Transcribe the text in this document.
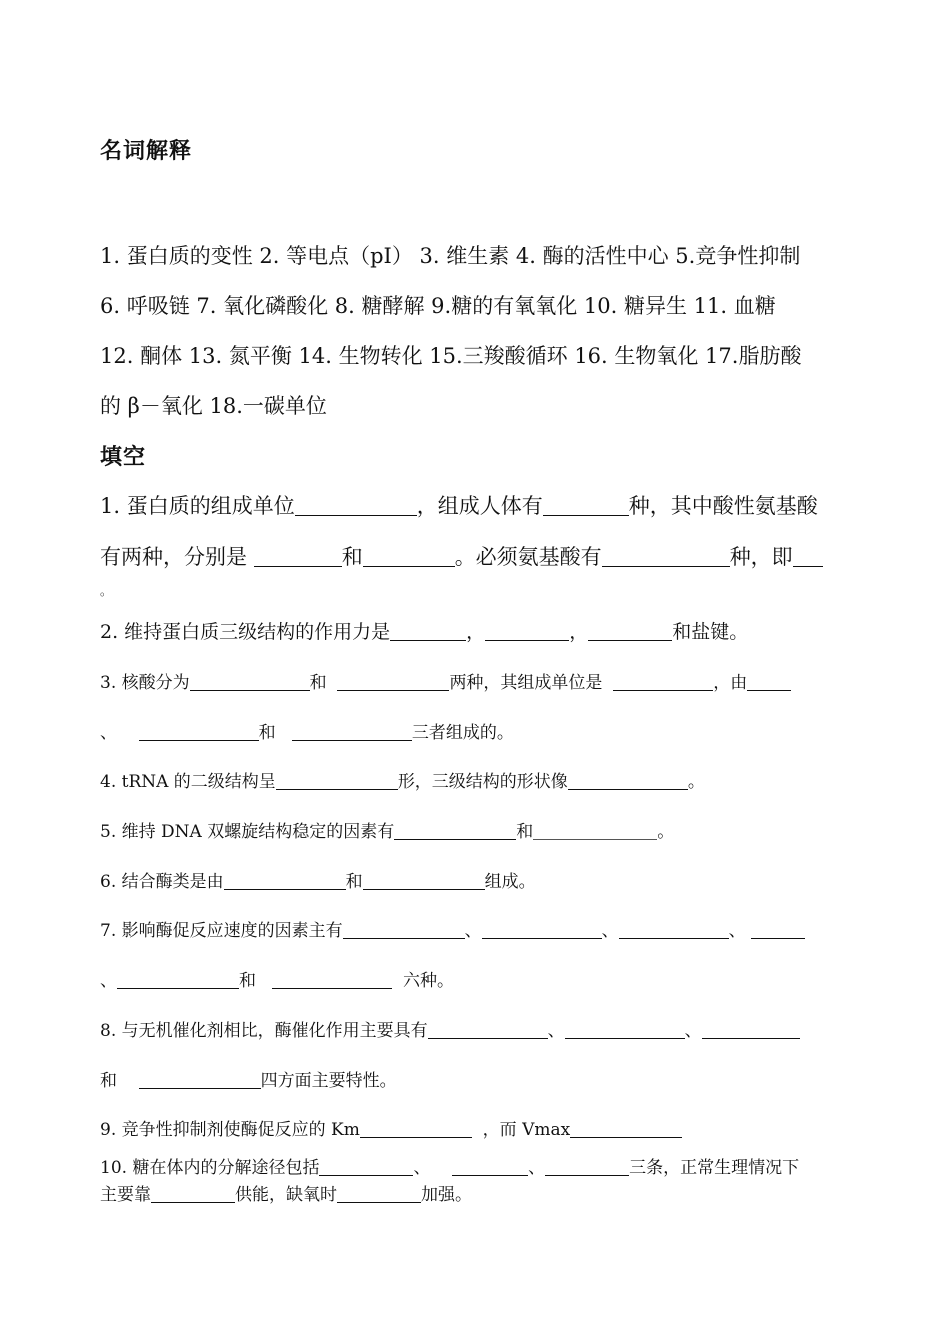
名词解释
1. 蛋白质的变性 2. 等电点（pI） 3. 维生素 4. 酶的活性中心 5.竞争性抑制
6. 呼吸链 7. 氧化磷酸化 8. 糖酵解 9.糖的有氧氧化 10. 糖异生 11. 血糖
12. 酮体 13. 氮平衡 14. 生物转化 15.三羧酸循环 16. 生物氧化 17.脂肪酸
的 β－氧化 18.一碳单位
填空
1. 蛋白质的组成单位	，组成人体有	种，其中酸性氨基酸
有两种，分别是	和	。必须氨基酸有	种，即
。
2. 维持蛋白质三级结构的作用力是	，	，	和盐键。
3. 核酸分为	和	两种，其组成单位是	，由
、	和	三者组成的。
4. tRNA 的二级结构呈	形，三级结构的形状像	。
5. 维持 DNA 双螺旋结构稳定的因素有	和	。
6. 结合酶类是由	和	组成。
7. 影响酶促反应速度的因素主有	、	、	、
、	和	六种。
8. 与无机催化剂相比，酶催化作用主要具有	、	、
和	四方面主要特性。
9. 竞争性抑制剂使酶促反应的 Km	，而 Vmax
10. 糖在体内的分解途径包括	、	、	三条，正常生理情况下
主要靠	供能，缺氧时	加强。
